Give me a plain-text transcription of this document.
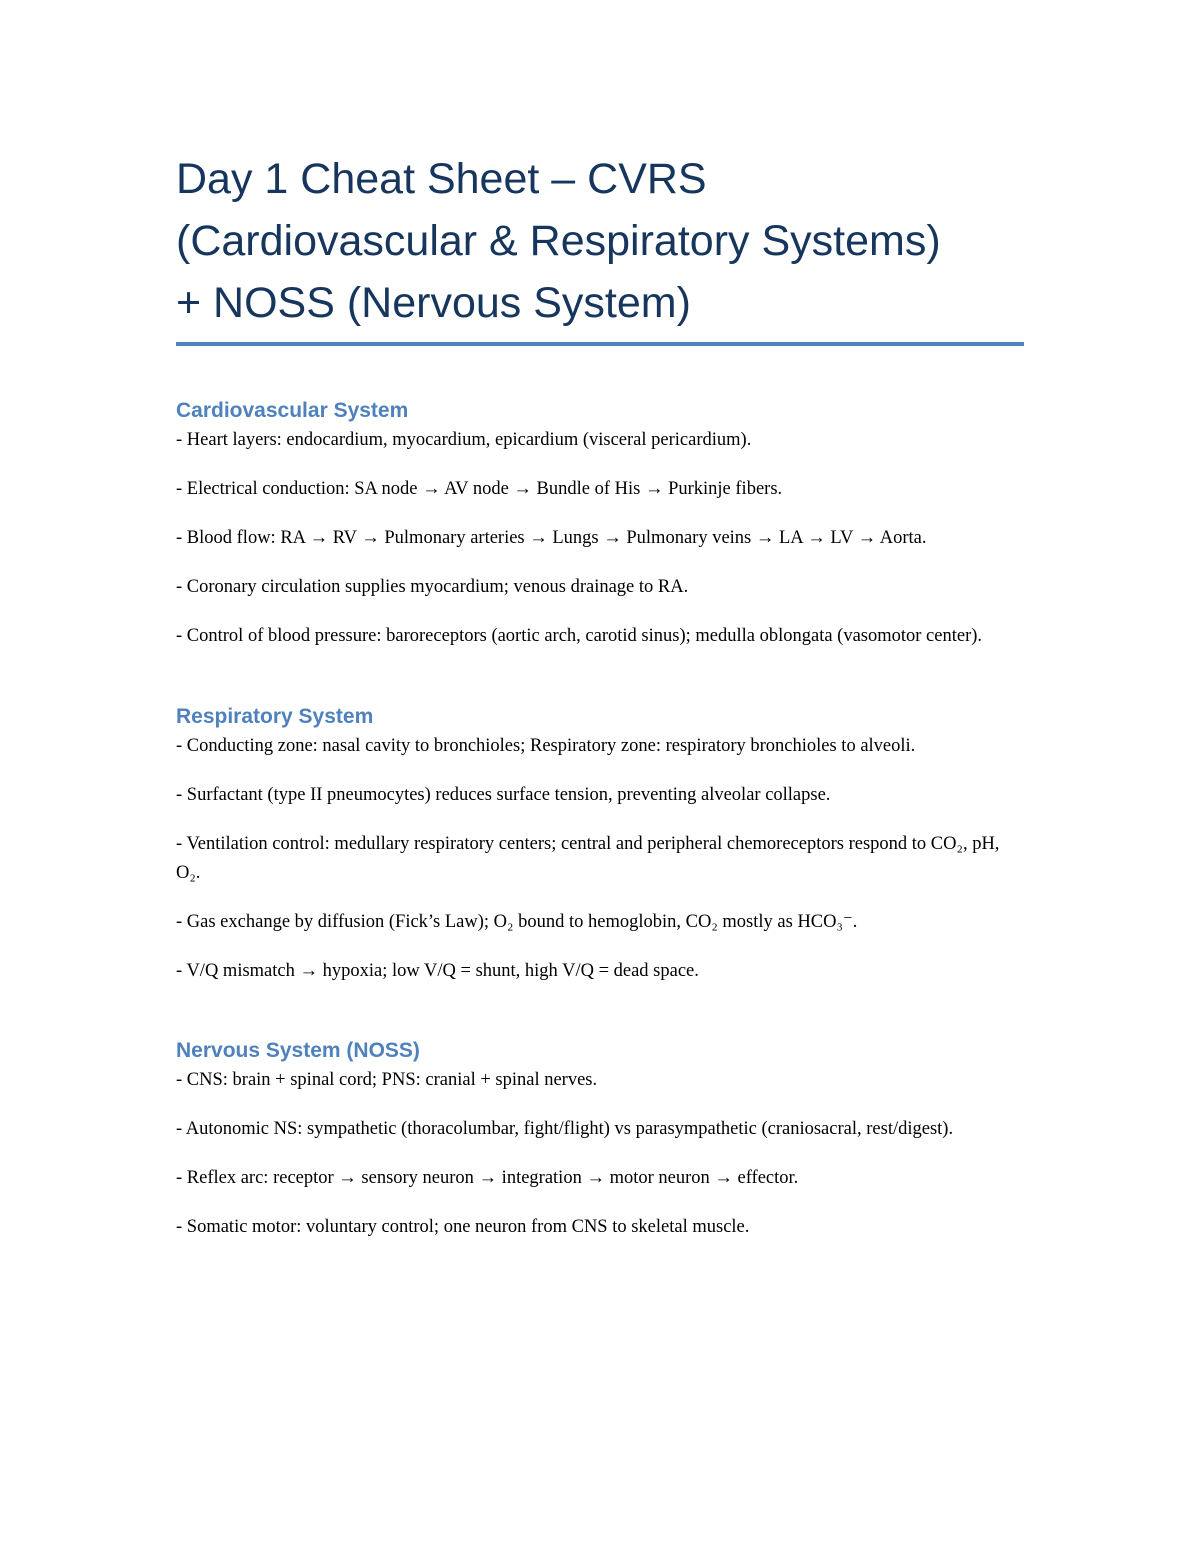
Day 1 Cheat Sheet – CVRS
(Cardiovascular & Respiratory Systems)
+ NOSS (Nervous System)
Cardiovascular System

- Heart layers: endocardium, myocardium, epicardium (visceral pericardium).

- Electrical conduction: SA node → AV node → Bundle of His → Purkinje fibers.

- Blood flow: RA → RV → Pulmonary arteries → Lungs → Pulmonary veins → LA → LV → Aorta.

- Coronary circulation supplies myocardium; venous drainage to RA.

- Control of blood pressure: baroreceptors (aortic arch, carotid sinus); medulla oblongata (vasomotor center).

Respiratory System

- Conducting zone: nasal cavity to bronchioles; Respiratory zone: respiratory bronchioles to alveoli.

- Surfactant (type II pneumocytes) reduces surface tension, preventing alveolar collapse.

- Ventilation control: medullary respiratory centers; central and peripheral chemoreceptors respond to CO₂, pH, O₂.

- Gas exchange by diffusion (Fick’s Law); O₂ bound to hemoglobin, CO₂ mostly as HCO₃⁻.

- V/Q mismatch → hypoxia; low V/Q = shunt, high V/Q = dead space.

Nervous System (NOSS)

- CNS: brain + spinal cord; PNS: cranial + spinal nerves.

- Autonomic NS: sympathetic (thoracolumbar, fight/flight) vs parasympathetic (craniosacral, rest/digest).

- Reflex arc: receptor → sensory neuron → integration → motor neuron → effector.

- Somatic motor: voluntary control; one neuron from CNS to skeletal muscle.
